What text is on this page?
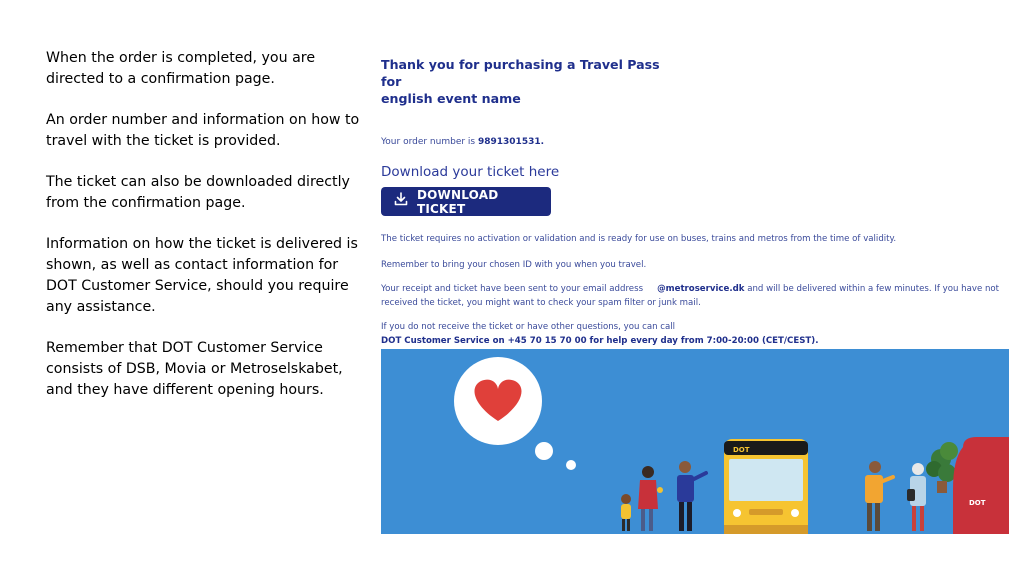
When the order is completed, you are directed to a confirmation page.

An order number and information on how to travel with the ticket is provided.

The ticket can also be downloaded directly from the confirmation page.

Information on how the ticket is delivered is shown, as well as contact information for DOT Customer Service, should you require any assistance.

Remember that DOT Customer Service consists of DSB, Movia or Metroselskabet, and they have different opening hours.

Thank you for purchasing a Travel Pass for
english event name
Your order number is 9891301531.
Download your ticket here
DOWNLOAD TICKET
The ticket requires no activation or validation and is ready for use on buses, trains and metros from the time of validity.
Remember to bring your chosen ID with you when you travel.
Your receipt and ticket have been sent to your email address @metroservice.dk and will be delivered within a few minutes. If you have not received the ticket, you might want to check your spam filter or junk mail.
If you do not receive the ticket or have other questions, you can call
DOT Customer Service on +45 70 15 70 00 for help every day from 7:00-20:00 (CET/CEST).
DOT
DOT
